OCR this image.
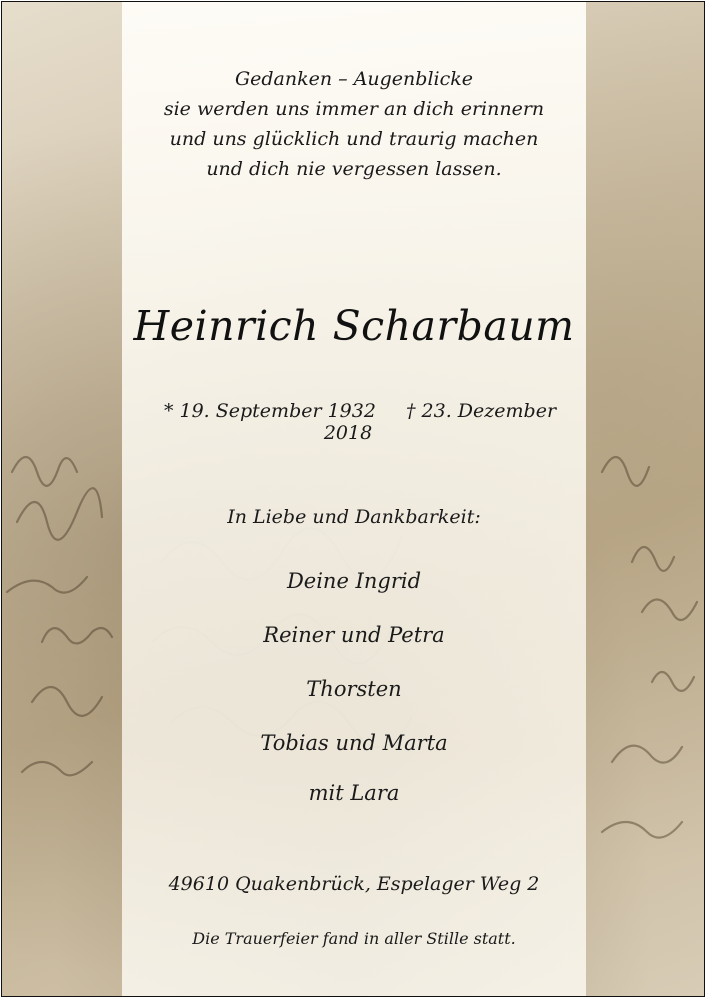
Gedanken – Augenblicke
sie werden uns immer an dich erinnern
und uns glücklich und traurig machen
und dich nie vergessen lassen.
Heinrich Scharbaum
* 19. September 1932 † 23. Dezember 2018
In Liebe und Dankbarkeit:
Deine Ingrid
Reiner und Petra
Thorsten
Tobias und Marta
mit Lara
49610 Quakenbrück, Espelager Weg 2
Die Trauerfeier fand in aller Stille statt.
